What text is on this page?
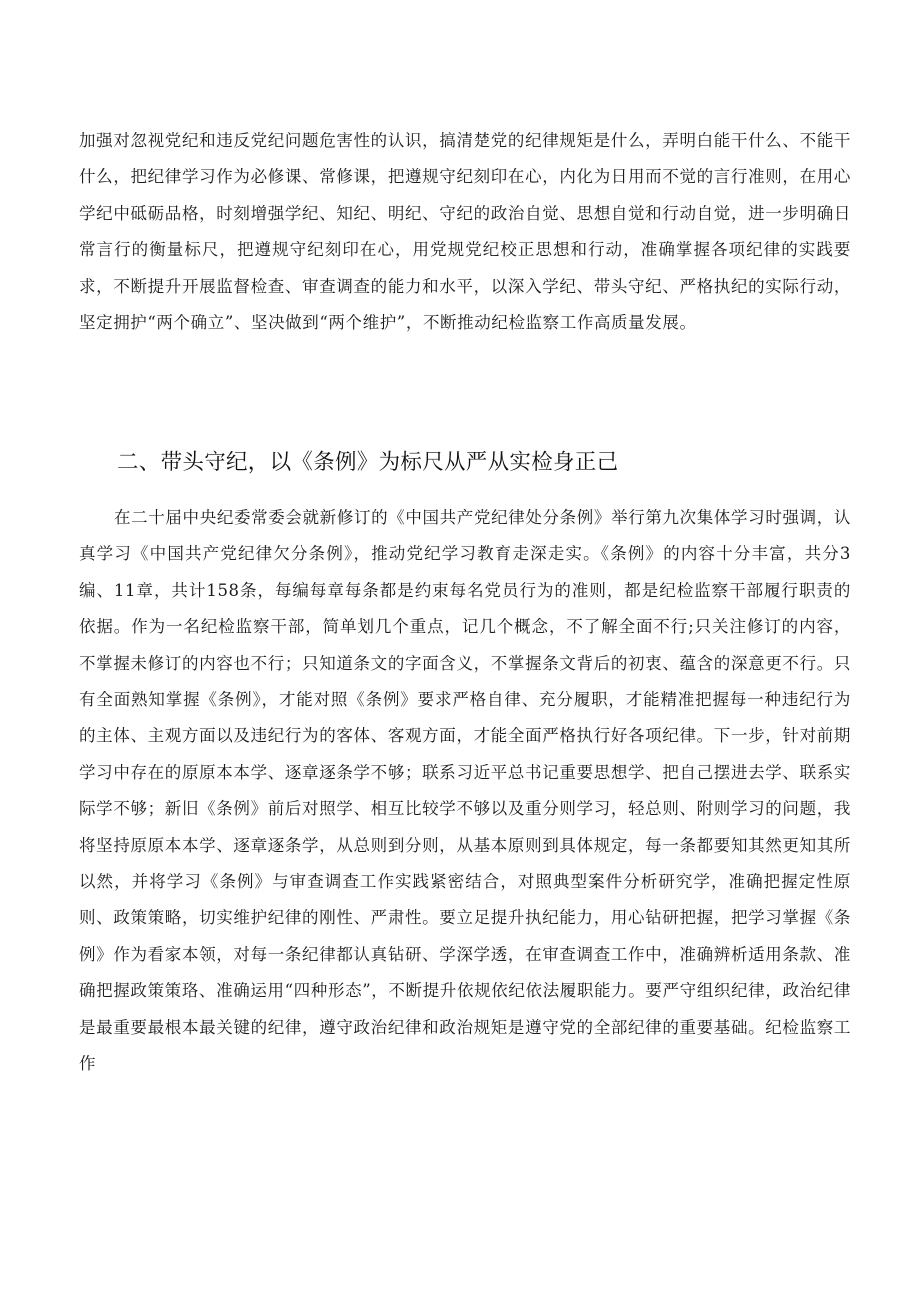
加强对忽视党纪和违反党纪问题危害性的认识，搞清楚党的纪律规矩是什么，弄明白能干什么、不能干什么，把纪律学习作为必修课、常修课，把遵规守纪刻印在心，内化为日用而不觉的言行准则，在用心学纪中砥砺品格，时刻增强学纪、知纪、明纪、守纪的政治自觉、思想自觉和行动自觉，进一步明确日常言行的衡量标尺，把遵规守纪刻印在心，用党规党纪校正思想和行动，准确掌握各项纪律的实践要求，不断提升开展监督检查、审查调查的能力和水平，以深入学纪、带头守纪、严格执纪的实际行动，坚定拥护“两个确立”、坚决做到“两个维护”，不断推动纪检监察工作高质量发展。

二、带头守纪，以《条例》为标尺从严从实检身正己

在二十届中央纪委常委会就新修订的《中国共产党纪律处分条例》举行第九次集体学习时强调，认真学习《中国共产党纪律欠分条例》，推动党纪学习教育走深走实。《条例》的内容十分丰富，共分3编、11章，共计158条，每编每章每条都是约束每名党员行为的准则，都是纪检监察干部履行职责的依据。作为一名纪检监察干部，简单划几个重点，记几个概念，不了解全面不行;只关注修订的内容，不掌握未修订的内容也不行；只知道条文的字面含义，不掌握条文背后的初衷、蕴含的深意更不行。只有全面熟知掌握《条例》，才能对照《条例》要求严格自律、充分履职，才能精准把握每一种违纪行为的主体、主观方面以及违纪行为的客体、客观方面，才能全面严格执行好各项纪律。下一步，针对前期学习中存在的原原本本学、逐章逐条学不够；联系习近平总书记重要思想学、把自己摆进去学、联系实际学不够；新旧《条例》前后对照学、相互比较学不够以及重分则学习，轻总则、附则学习的问题，我将坚持原原本本学、逐章逐条学，从总则到分则，从基本原则到具体规定，每一条都要知其然更知其所以然，并将学习《条例》与审查调查工作实践紧密结合，对照典型案件分析研究学，准确把握定性原则、政策策略，切实维护纪律的刚性、严肃性。要立足提升执纪能力，用心钻研把握，把学习掌握《条例》作为看家本领，对每一条纪律都认真钻研、学深学透，在审查调查工作中，准确辨析适用条款、准确把握政策策珞、准确运用“四种形态”，不断提升依规依纪依法履职能力。要严守组织纪律，政治纪律是最重要最根本最关键的纪律，遵守政治纪律和政治规矩是遵守党的全部纪律的重要基础。纪检监察工作
